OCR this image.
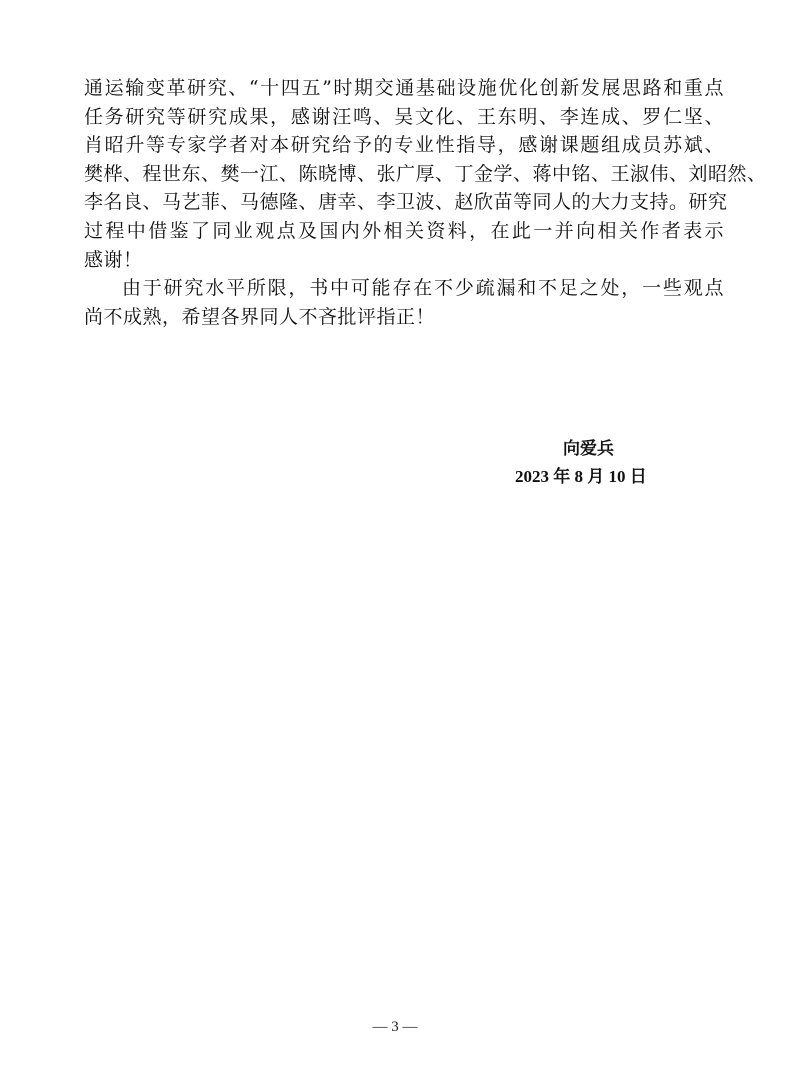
通运输变革研究、“十四五”时期交通基础设施优化创新发展思路和重点
任务研究等研究成果，感谢汪鸣、吴文化、王东明、李连成、罗仁坚、
肖昭升等专家学者对本研究给予的专业性指导，感谢课题组成员苏斌、
樊桦、程世东、樊一江、陈晓博、张广厚、丁金学、蒋中铭、王淑伟、刘昭然、
李名良、马艺菲、马德隆、唐幸、李卫波、赵欣苗等同人的大力支持。研究
过程中借鉴了同业观点及国内外相关资料，在此一并向相关作者表示
感谢！
由于研究水平所限，书中可能存在不少疏漏和不足之处，一些观点
尚不成熟，希望各界同人不吝批评指正！
向爱兵
2023 年 8 月 10 日
— 3 —
